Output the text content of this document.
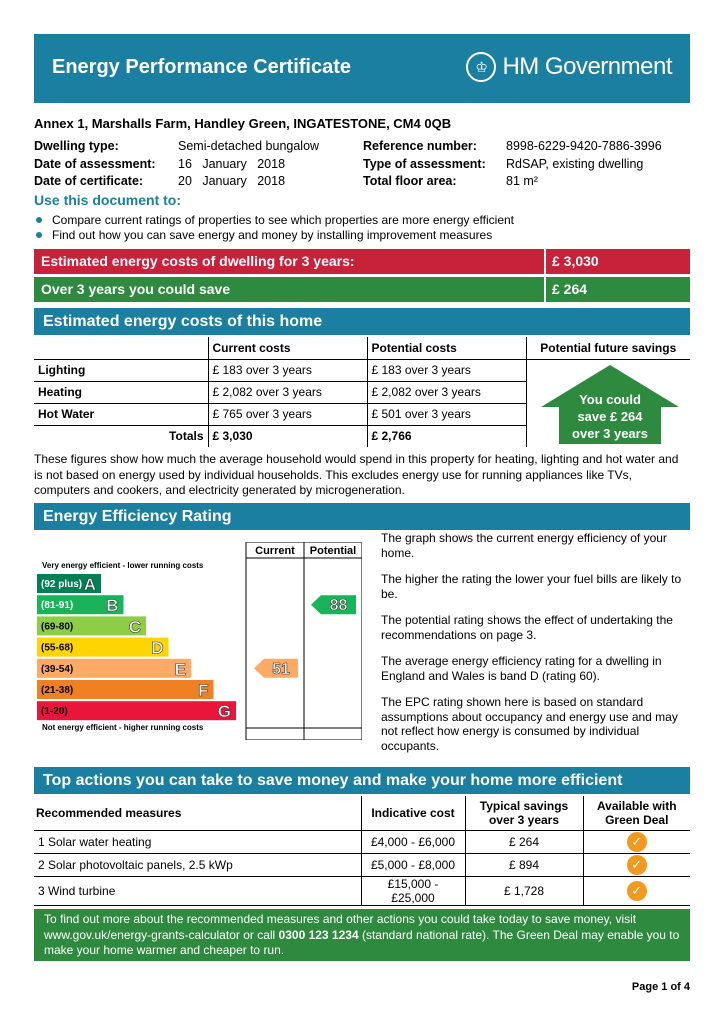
Energy Performance Certificate	♔ HM Government
Annex 1, Marshalls Farm, Handley Green, INGATESTONE, CM4 0QB
Dwelling type:	Semi-detached bungalow	Reference number: 8998-6229-9420-7886-3996
Date of assessment: 16   January   2018	Type of assessment: RdSAP, existing dwelling
Date of certificate:	20   January   2018	Total floor area:	81 m²
Use this document to:
Compare current ratings of properties to see which properties are more energy efficient
Find out how you can save energy and money by installing improvement measures
Estimated energy costs of dwelling for 3 years:	£ 3,030
Over 3 years you could save	£ 264
Estimated energy costs of this home
	Current costs	Potential costs	Potential future savings
Lighting	£ 183 over 3 years	£ 183 over 3 years	
Heating	£ 2,082 over 3 years	£ 2,082 over 3 years	
Hot Water	£ 765 over 3 years	£ 501 over 3 years	
Totals	£ 3,030	£ 2,766	
You could
save £ 264
over 3 years
These figures show how much the average household would spend in this property for heating, lighting and hot water and is not based on energy used by individual households. This excludes energy use for running appliances like TVs, computers and cookers, and electricity generated by microgeneration.
Energy Efficiency Rating
Current Potential
Very energy efficient - lower running costs
Not energy efficient - higher running costs
(92 plus) A
(81-91) B
(69-80)	C
(55-68)	D
(39-54)	E
(21-38)	F
(1-20)	G
51
88

The graph shows the current energy efficiency of your home.

The higher the rating the lower your fuel bills are likely to be.

The potential rating shows the effect of undertaking the recommendations on page 3.

The average energy efficiency rating for a dwelling in England and Wales is band D (rating 60).

The EPC rating shown here is based on standard assumptions about occupancy and energy use and may not reflect how energy is consumed by individual occupants.

Top actions you can take to save money and make your home more efficient
Recommended measures	Indicative cost	Typical savings over 3 years	Available with Green Deal
1 Solar water heating	£4,000 - £6,000	£ 264	✓
2 Solar photovoltaic panels, 2.5 kWp	£5,000 - £8,000	£ 894	✓
3 Wind turbine	£15,000 - £25,000	£ 1,728	✓
To find out more about the recommended measures and other actions you could take today to save money, visit www.gov.uk/energy-grants-calculator or call 0300 123 1234 (standard national rate). The Green Deal may enable you to make your home warmer and cheaper to run.
Page 1 of 4
